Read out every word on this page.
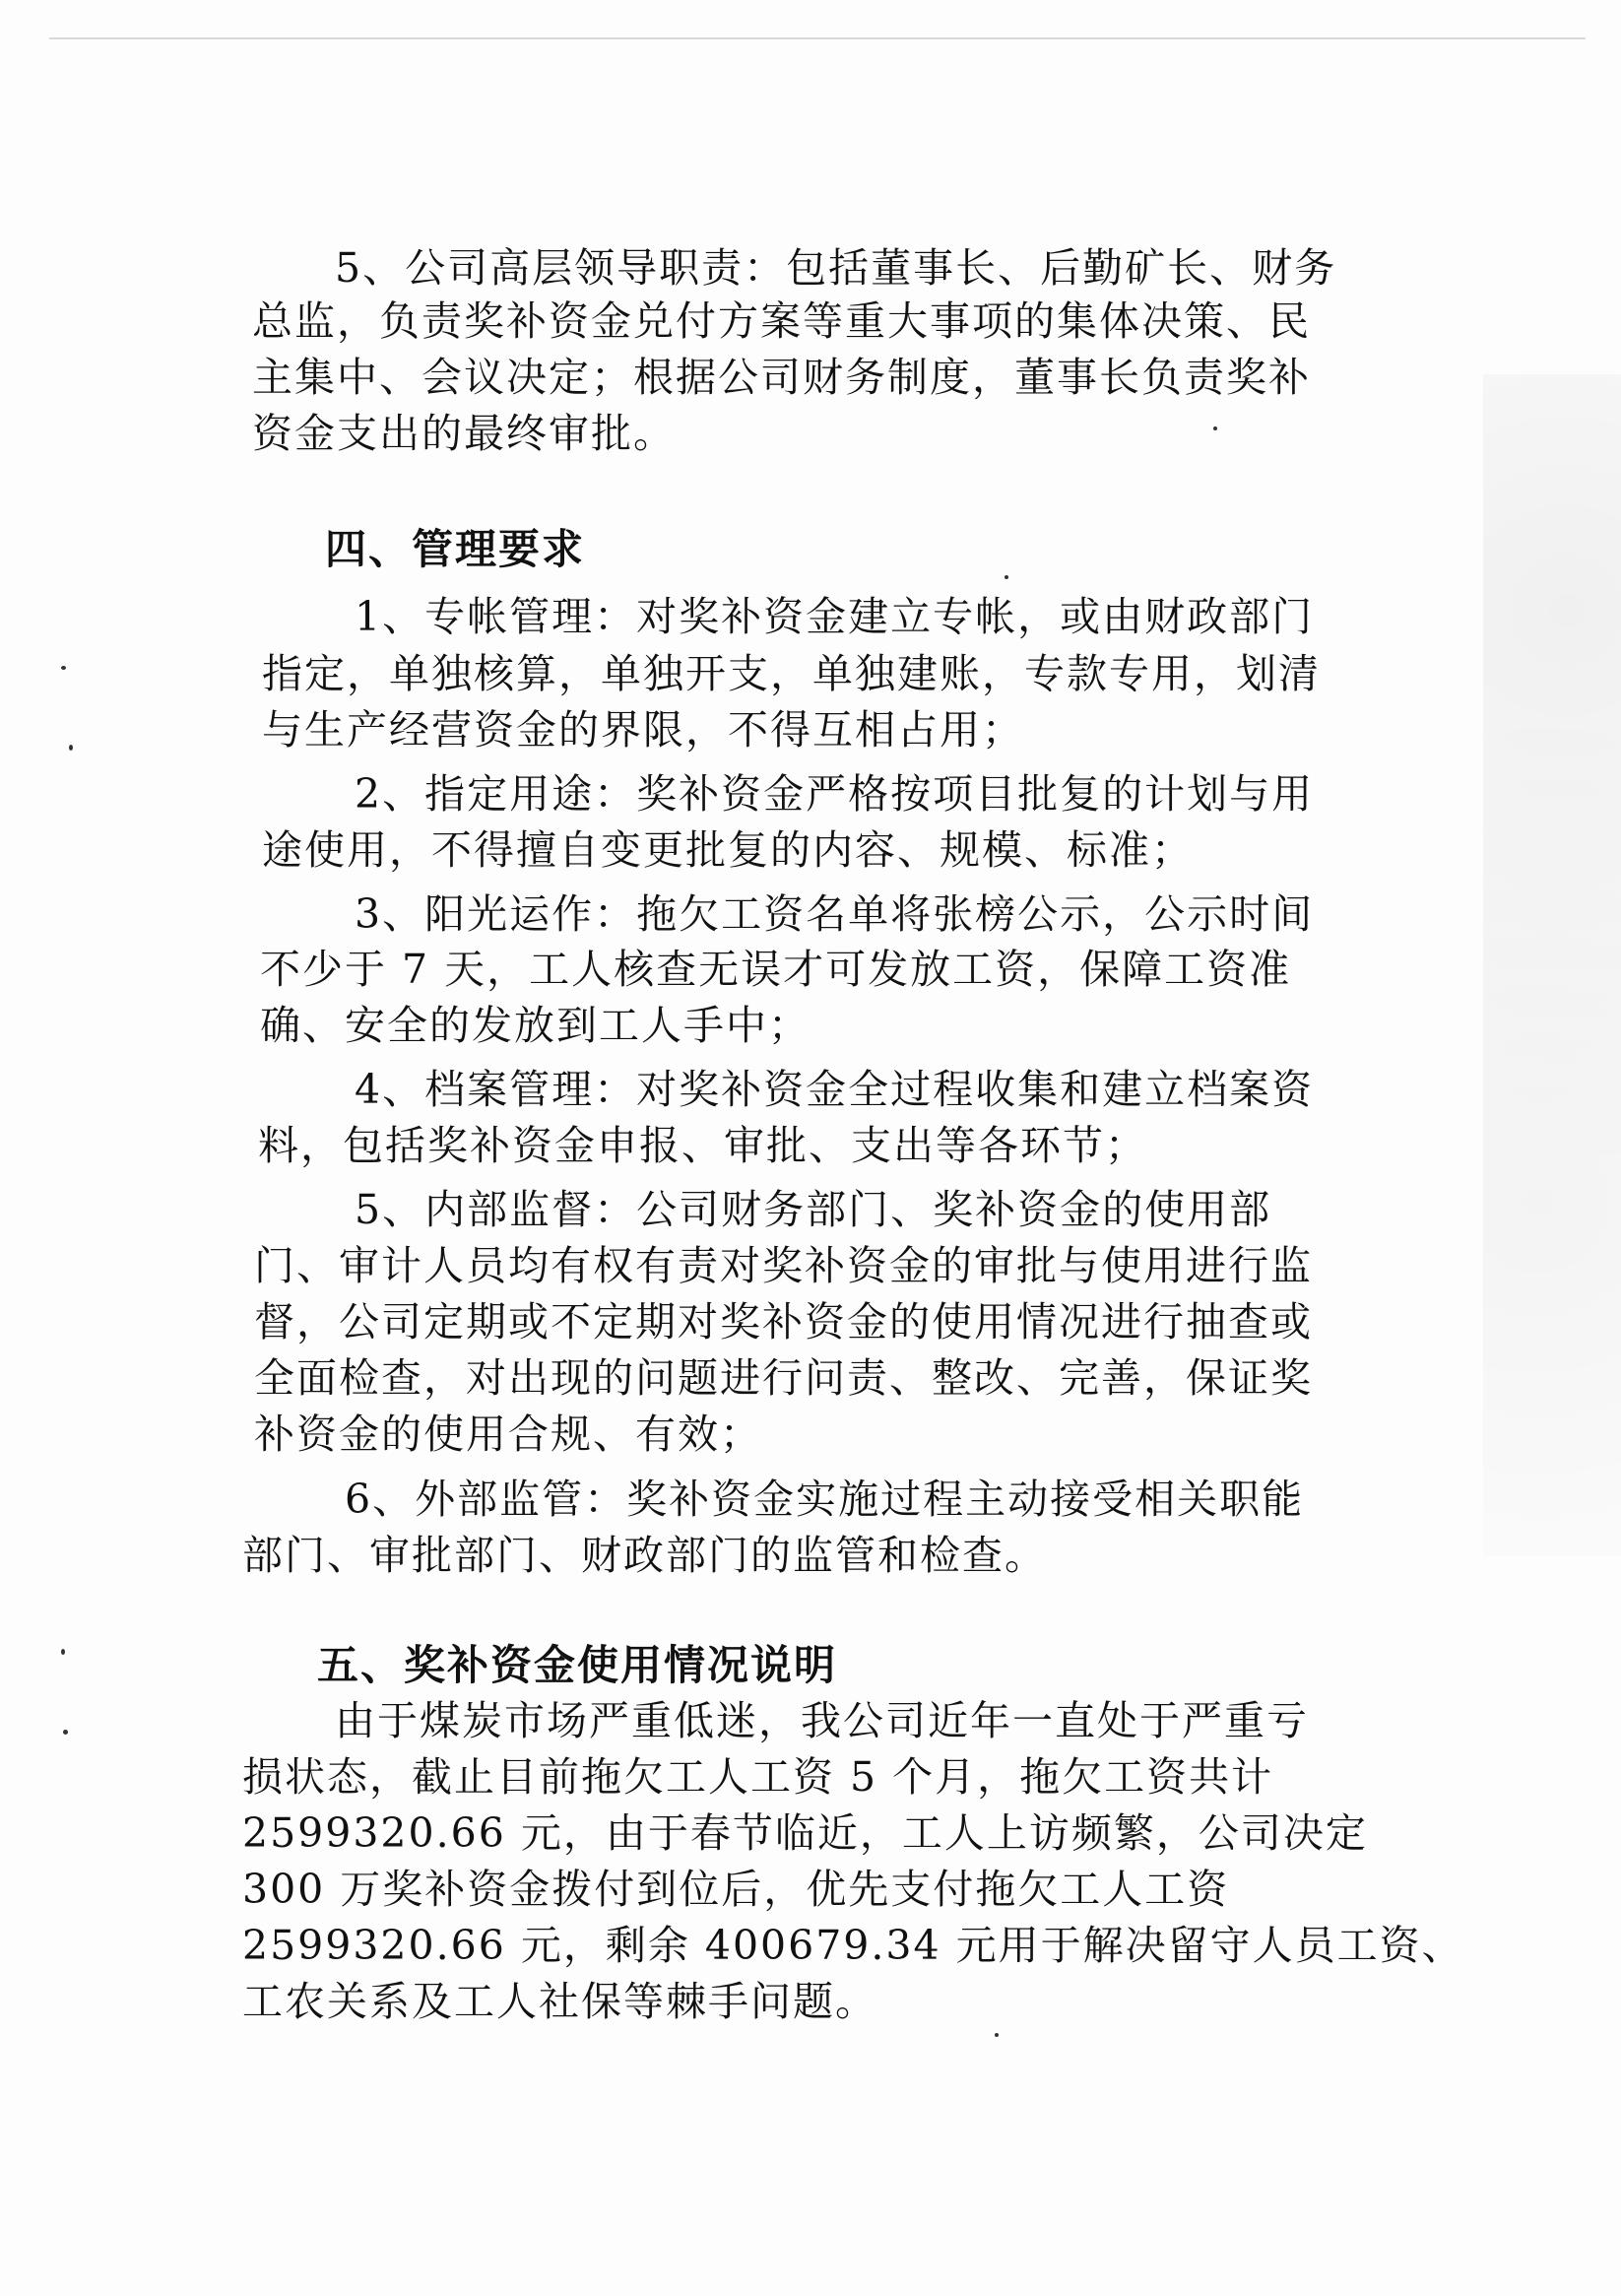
5、公司高层领导职责：包括董事长、后勤矿长、财务
总监，负责奖补资金兑付方案等重大事项的集体决策、民
主集中、会议决定；根据公司财务制度，董事长负责奖补
资金支出的最终审批。
四、管理要求
1、专帐管理：对奖补资金建立专帐，或由财政部门
指定，单独核算，单独开支，单独建账，专款专用，划清
与生产经营资金的界限，不得互相占用；
2、指定用途：奖补资金严格按项目批复的计划与用
途使用，不得擅自变更批复的内容、规模、标准；
3、阳光运作：拖欠工资名单将张榜公示，公示时间
不少于 7 天，工人核查无误才可发放工资，保障工资准
确、安全的发放到工人手中；
4、档案管理：对奖补资金全过程收集和建立档案资
料，包括奖补资金申报、审批、支出等各环节；
5、内部监督：公司财务部门、奖补资金的使用部
门、审计人员均有权有责对奖补资金的审批与使用进行监
督，公司定期或不定期对奖补资金的使用情况进行抽查或
全面检查，对出现的问题进行问责、整改、完善，保证奖
补资金的使用合规、有效；
6、外部监管：奖补资金实施过程主动接受相关职能
部门、审批部门、财政部门的监管和检查。
五、奖补资金使用情况说明
由于煤炭市场严重低迷，我公司近年一直处于严重亏
损状态，截止目前拖欠工人工资 5 个月，拖欠工资共计
2599320.66 元，由于春节临近，工人上访频繁，公司决定
300 万奖补资金拨付到位后，优先支付拖欠工人工资
2599320.66 元，剩余 400679.34 元用于解决留守人员工资、
工农关系及工人社保等棘手问题。
